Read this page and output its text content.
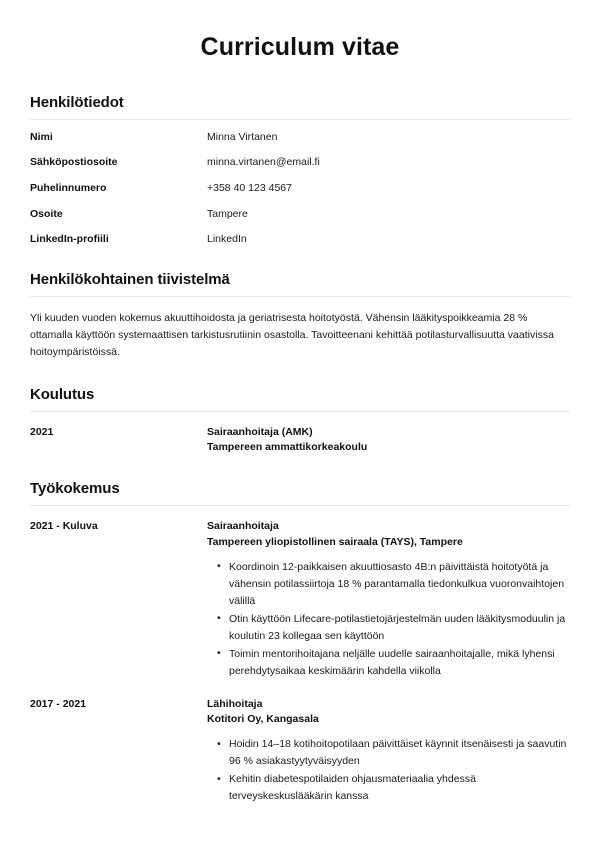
Curriculum vitae
Henkilötiedot
Nimi	Minna Virtanen
Sähköpostiosoite	minna.virtanen@email.fi
Puhelinnumero	+358 40 123 4567
Osoite	Tampere
LinkedIn-profiili	LinkedIn
Henkilökohtainen tiivistelmä

Yli kuuden vuoden kokemus akuuttihoidosta ja geriatrisesta hoitotyöstä. Vähensin lääkityspoikkeamia 28 % ottamalla käyttöön systemaattisen tarkistusrutiinin osastolla. Tavoitteenani kehittää potilasturvallisuutta vaativissa hoitoympäristöissä.

Koulutus
2021	Sairaanhoitaja (AMK)
Tampereen ammattikorkeakoulu
Työkokemus
2021 - Kuluva	Sairaanhoitaja
Tampereen yliopistollinen sairaala (TAYS), Tampere
• Koordinoin 12-paikkaisen akuuttiosasto 4B:n päivittäistä hoitotyötä ja vähensin potilassiirtoja 18 % parantamalla tiedonkulkua vuoronvaihtojen välillä
• Otin käyttöön Lifecare-potilastietojärjestelmän uuden lääkitysmoduulin ja koulutin 23 kollegaa sen käyttöön
• Toimin mentorihoitajana neljälle uudelle sairaanhoitajalle, mikä lyhensi perehdytysaikaa keskimäärin kahdella viikolla
2017 - 2021	Lähihoitaja
Kotitori Oy, Kangasala
• Hoidin 14–18 kotihoitopotilaan päivittäiset käynnit itsenäisesti ja saavutin 96 % asiakastyytyväisyyden
• Kehitin diabetespotilaiden ohjausmateriaalia yhdessä terveyskeskuslääkärin kanssa
